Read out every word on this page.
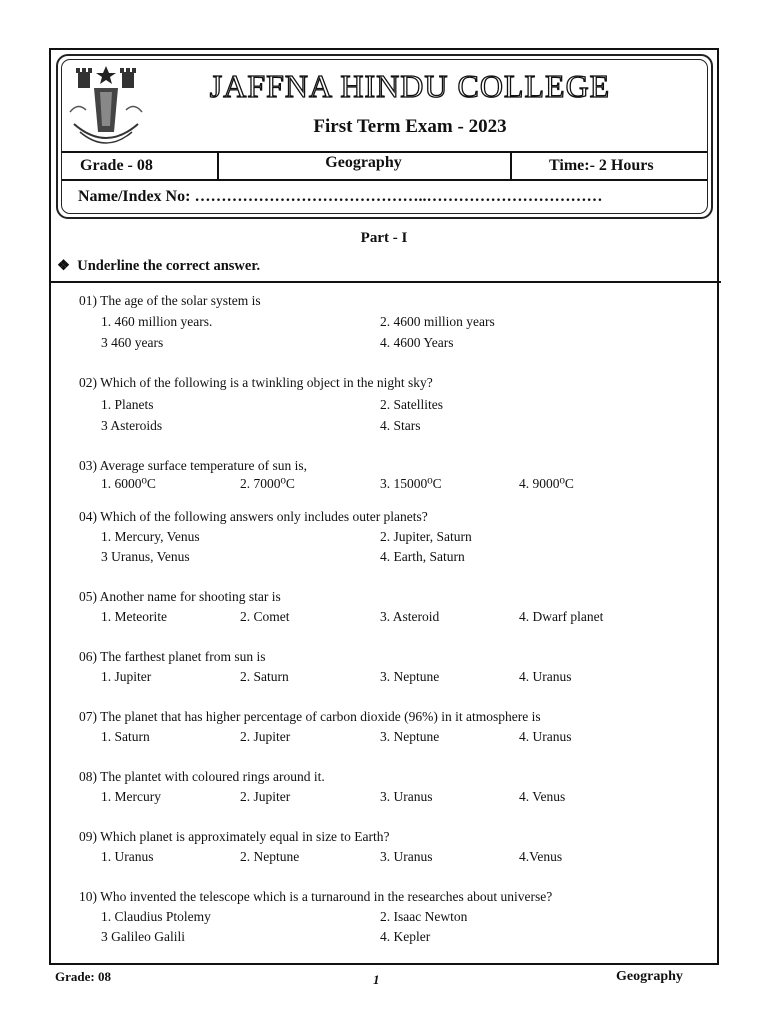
JAFFNA HINDU COLLEGE
First Term Exam - 2023
Grade - 08	Geography	Time:- 2 Hours
Name/Index No: ……………………………………..……………………………
Part - I
❖ Underline the correct answer.
01) The age of the solar system is
1. 460 million years.	2. 4600 million years
3 460 years	4. 4600 Years
02) Which of the following is a twinkling object in the night sky?
1. Planets	2. Satellites
3 Asteroids	4. Stars
03) Average surface temperature of sun is,
1. 6000⁰C	2. 7000⁰C	3. 15000⁰C	4. 9000⁰C
04) Which of the following answers only includes outer planets?
1. Mercury, Venus	2. Jupiter, Saturn
3 Uranus, Venus	4. Earth, Saturn
05) Another name for shooting star is
1. Meteorite	2. Comet	3. Asteroid	4. Dwarf planet
06) The farthest planet from sun is
1. Jupiter	2. Saturn	3. Neptune	4. Uranus
07) The planet that has higher percentage of carbon dioxide (96%) in it atmosphere is
1. Saturn	2. Jupiter	3. Neptune	4. Uranus
08) The plantet with coloured rings around it.
1. Mercury	2. Jupiter	3. Uranus	4. Venus
09) Which planet is approximately equal in size to Earth?
1. Uranus	2. Neptune	3. Uranus	4.Venus
10) Who invented the telescope which is a turnaround in the researches about universe?
1. Claudius Ptolemy	2. Isaac Newton
3 Galileo Galili	4. Kepler
Grade: 08	1	Geography
